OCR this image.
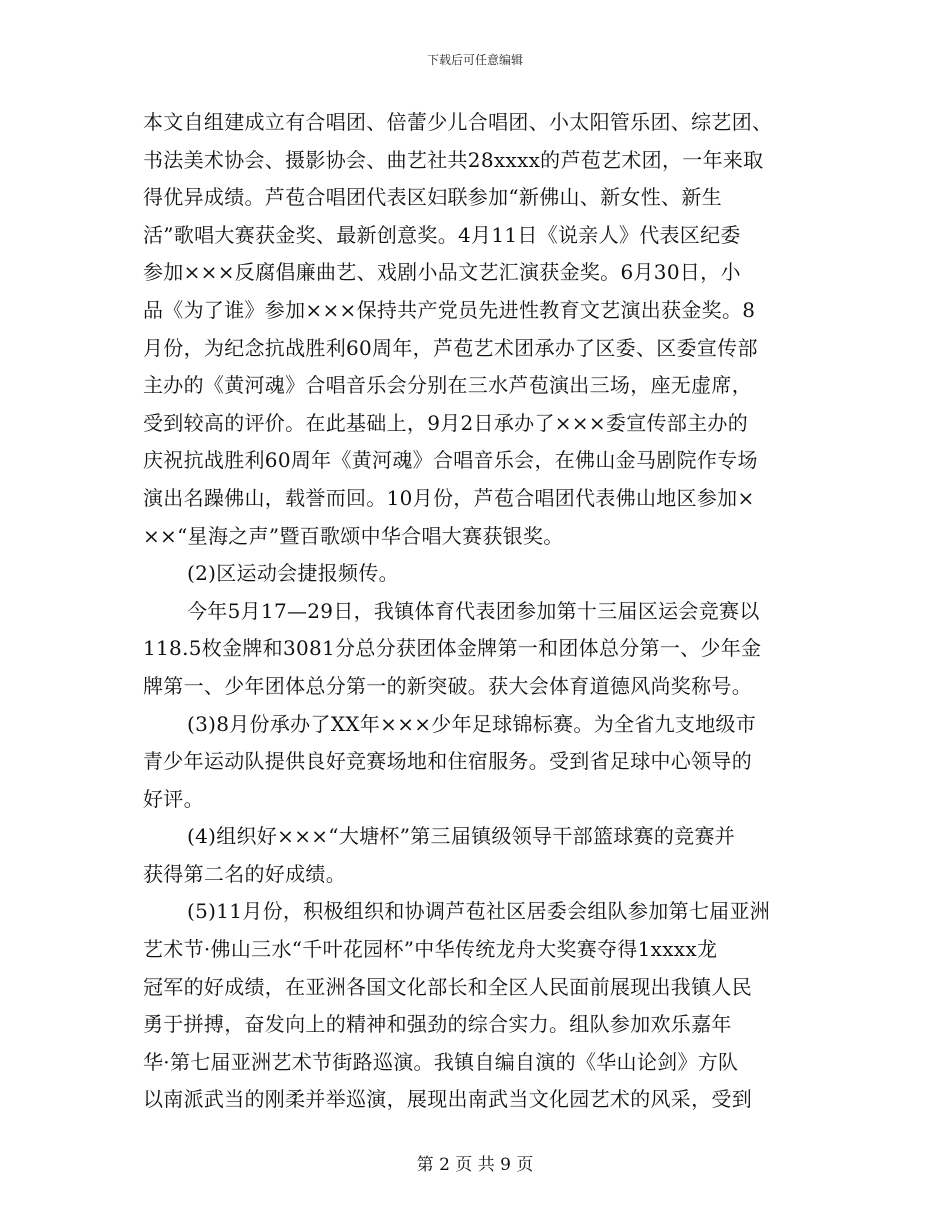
下载后可任意编辑
本文自组建成立有合唱团、倍蕾少儿合唱团、小太阳管乐团、综艺团、
书法美术协会、摄影协会、曲艺社共28xxxx的芦苞艺术团，一年来取
得优异成绩。芦苞合唱团代表区妇联参加“新佛山、新女性、新生
活”歌唱大赛获金奖、最新创意奖。4月11日《说亲人》代表区纪委
参加×××反腐倡廉曲艺、戏剧小品文艺汇演获金奖。6月30日，小
品《为了谁》参加×××保持共产党员先进性教育文艺演出获金奖。8
月份，为纪念抗战胜利60周年，芦苞艺术团承办了区委、区委宣传部
主办的《黄河魂》合唱音乐会分别在三水芦苞演出三场，座无虚席，
受到较高的评价。在此基础上，9月2日承办了×××委宣传部主办的
庆祝抗战胜利60周年《黄河魂》合唱音乐会，在佛山金马剧院作专场
演出名躁佛山，载誉而回。10月份，芦苞合唱团代表佛山地区参加×
××“星海之声”暨百歌颂中华合唱大赛获银奖。
(2)区运动会捷报频传。
今年5月17—29日，我镇体育代表团参加第十三届区运会竞赛以
118.5枚金牌和3081分总分获团体金牌第一和团体总分第一、少年金
牌第一、少年团体总分第一的新突破。获大会体育道德风尚奖称号。
(3)8月份承办了XX年×××少年足球锦标赛。为全省九支地级市
青少年运动队提供良好竞赛场地和住宿服务。受到省足球中心领导的
好评。
(4)组织好×××“大塘杯”第三届镇级领导干部篮球赛的竞赛并
获得第二名的好成绩。
(5)11月份，积极组织和协调芦苞社区居委会组队参加第七届亚洲
艺术节·佛山三水“千叶花园杯”中华传统龙舟大奖赛夺得1xxxx龙
冠军的好成绩，在亚洲各国文化部长和全区人民面前展现出我镇人民
勇于拼搏，奋发向上的精神和强劲的综合实力。组队参加欢乐嘉年
华·第七届亚洲艺术节街路巡演。我镇自编自演的《华山论剑》方队
以南派武当的刚柔并举巡演，展现出南武当文化园艺术的风采，受到
第 2 页 共 9 页
